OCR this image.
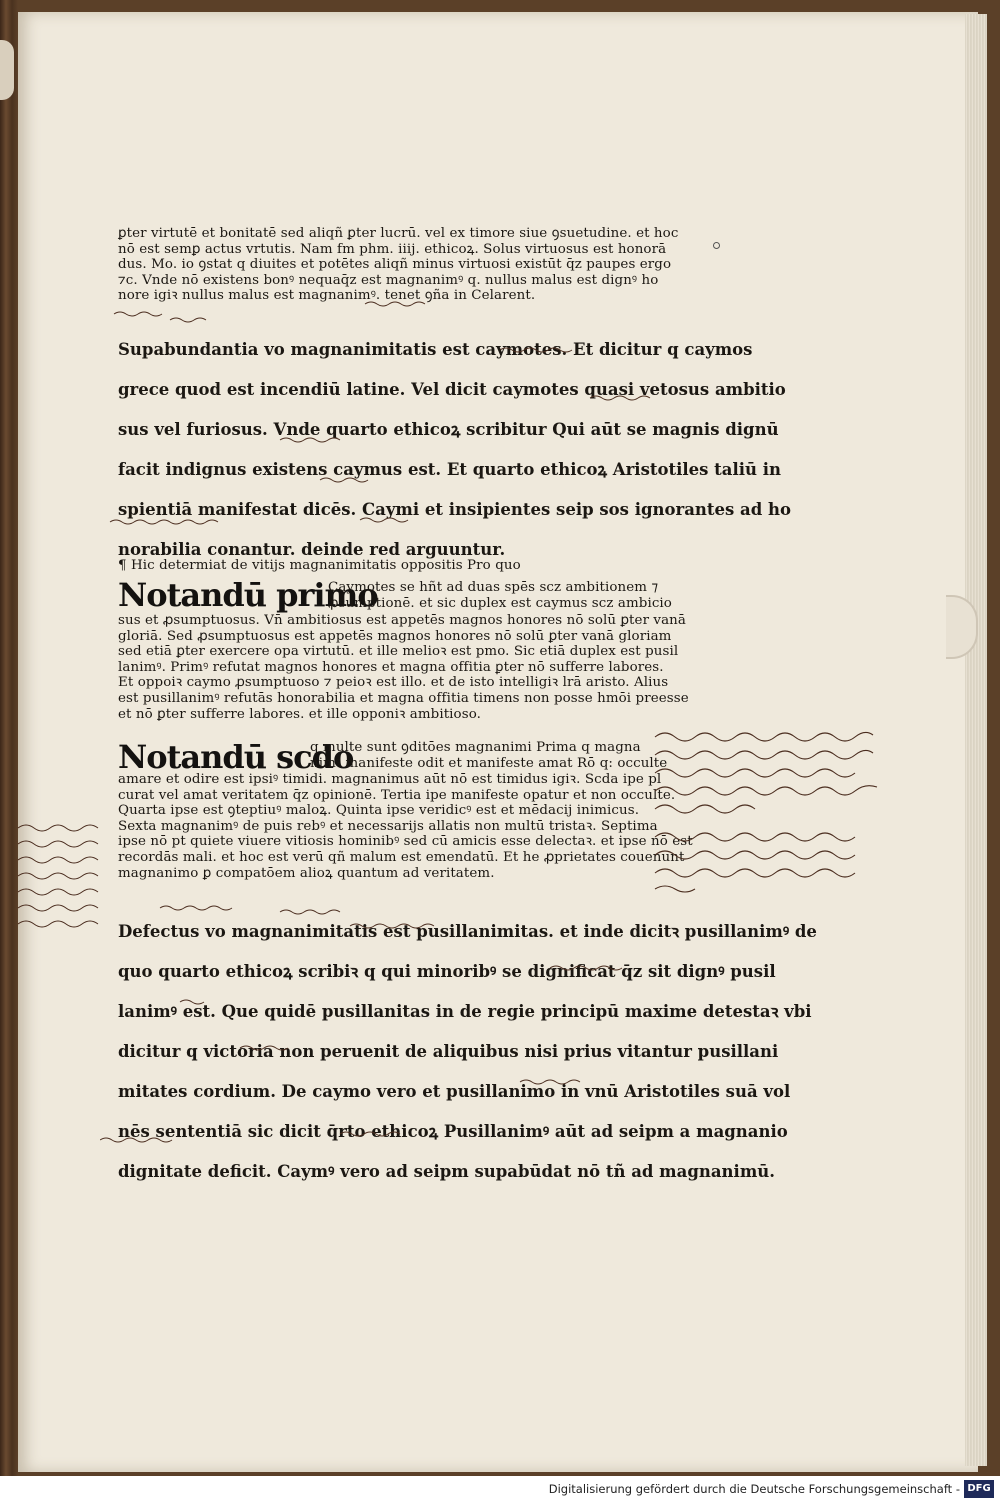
ꝑter virtutē et bonitatē sed aliqñ ꝑter lucrū. vel ex timore siue ꝯsuetudine. et hoc
nō est semꝑ actus vrtutis. Nam fm phm. iiij. ethicoꝝ. Solus virtuosus est honorā
dus. Mo. io ꝯstat q diuites et potētes aliqñ minus virtuosi existūt q̄z paupes ergo
⁊c. Vnde nō existens bonꝰ nequaq̄z est magnanimꝰ q. nullus malus est dignꝰ ho
nore igiꝛ nullus malus est magnanimꝰ. tenet ꝯña in Celarent.
Supabundantia vo magnanimitatis est caymotes. Et dicitur q caymos
grece quod est incendiū latine. Vel dicit caymotes quasi vetosus ambitio
sus vel furiosus. Vnde quarto ethicoꝝ scribitur Qui aūt se magnis dignū
facit indignus existens caymus est. Et quarto ethicoꝝ Aristotiles taliū in
spientiā manifestat dicēs. Caymi et insipientes seip sos ignorantes ad ho
norabilia conantur. deinde red arguuntur.
¶ Hic determiat de vitijs magnanimitatis oppositis Pro quo
Notandū primo
Caymotes se hñt ad duas spēs scz ambitionem ⁊
ꝓsumptionē. et sic duplex est caymus scz ambicio
sus et ꝓsumptuosus. Vn̄ ambitiosus est appetēs magnos honores nō solū ꝑter vanā
gloriā. Sed ꝓsumptuosus est appetēs magnos honores nō solū ꝑter vanā gloriam
sed etiā ꝑter exercere opa virtutū. et ille melioꝛ est pmo. Sic etiā duplex est pusil
lanimꝰ. Primꝰ refutat magnos honores et magna offitia ꝑter nō sufferre labores.
Et oppoiꝛ caymo ꝓsumptuoso ⁊ peioꝛ est illo. et de isto intelligiꝛ lrā aristo. Alius
est pusillanimꝰ refutās honorabilia et magna offitia timens non posse hmōi preesse
et nō ꝑter sufferre labores. et ille opponiꝛ ambitioso.
Notandū scdo
q multe sunt ꝯditōes magnanimi Prima q magna
nimꝰ manifeste odit et manifeste amat Rō q: occulte
amare et odire est ipsiꝰ timidi. magnanimus aūt nō est timidus igiꝛ. Scda ipe pl
curat vel amat veritatem q̄z opinionē. Tertia ipe manifeste opatur et non occulte.
Quarta ipse est ꝯteptiuꝰ maloꝝ. Quinta ipse veridicꝰ est et mēdacij inimicus.
Sexta magnanimꝰ de puis rebꝰ et necessarijs allatis non multū tristaꝛ. Septima
ipse nō pt quiete viuere vitiosis hominibꝰ sed cū amicis esse delectaꝛ. et ipse nō est
recordās mali. et hoc est verū qñ malum est emendatū. Et he ꝓprietates couenunt
magnanimo ꝑ compatōem alioꝝ quantum ad veritatem.
Defectus vo magnanimitatis est pusillanimitas. et inde dicitꝛ pusillanimꝰ de
quo quarto ethicoꝝ scribiꝛ q qui minoribꝰ se dignificat q̄z sit dignꝰ pusil
lanimꝰ est. Que quidē pusillanitas in de regie principū maxime detestaꝛ vbi
dicitur q victoria non peruenit de aliquibus nisi prius vitantur pusillani
mitates cordium. De caymo vero et pusillanimo in vnū Aristotiles suā vol
nēs sententiā sic dicit q̄rto ethicoꝝ Pusillanimꝰ aūt ad seipm a magnanio
dignitate deficit. Caymꝰ vero ad seipm supabūdat nō tñ ad magnanimū.
Digitalisierung gefördert durch die Deutsche Forschungsgemeinschaft - DFG
